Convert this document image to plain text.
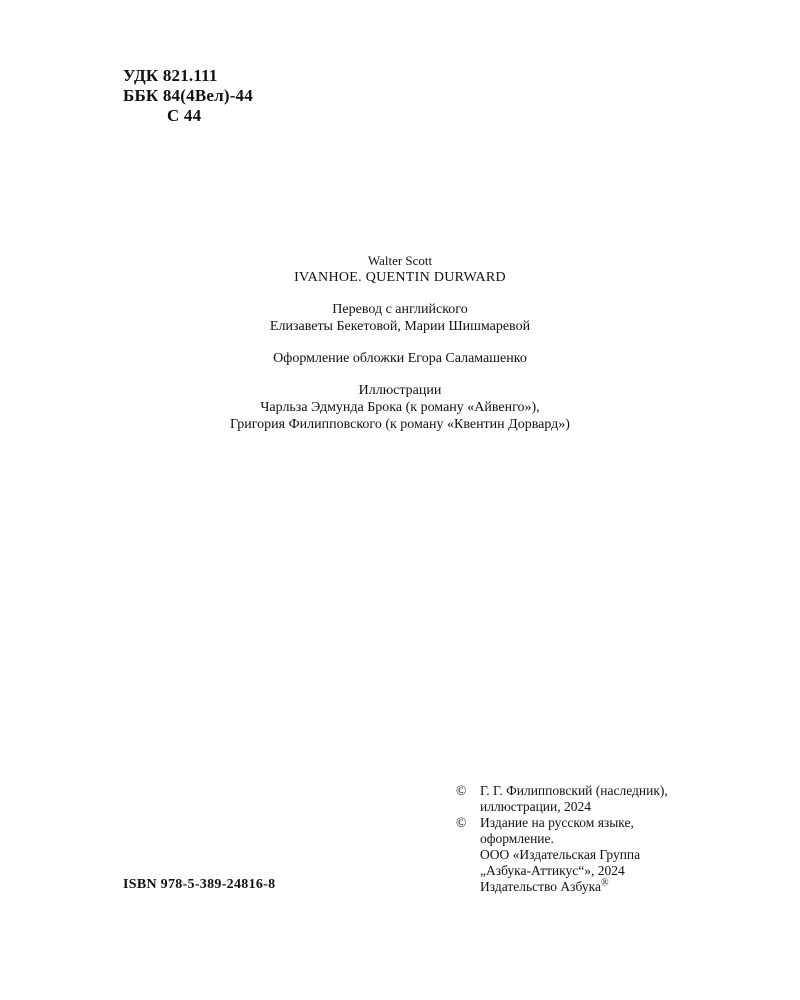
УДК 821.111
ББК 84(4Вел)-44
С 44
Walter Scott
IVANHOE. QUENTIN DURWARD
Перевод с английского
Елизаветы Бекетовой, Марии Шишмаревой
Оформление обложки Егора Саламашенко
Иллюстрации
Чарльза Эдмунда Брока (к роману «Айвенго»),
Григория Филипповского (к роману «Квентин Дорвард»)
©	Г. Г. Филипповский (наследник),
иллюстрации, 2024
©	Издание на русском языке,
оформление.
ООО «Издательская Группа
„Азбука-Аттикус“», 2024
Издательство Азбука®
ISBN 978-5-389-24816-8
